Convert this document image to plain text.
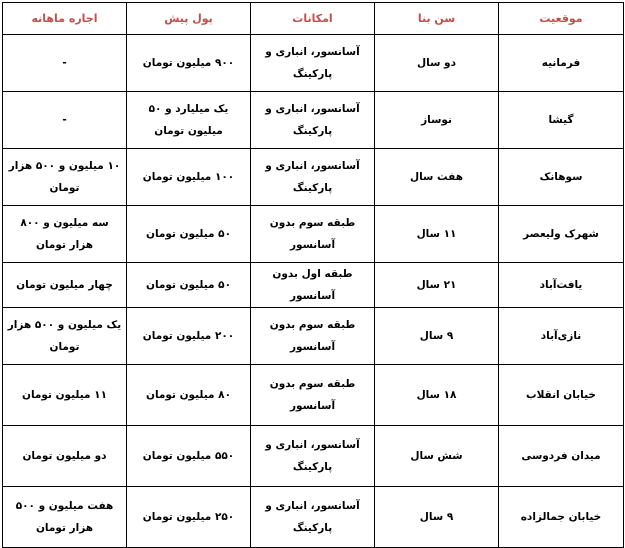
موقعیت	سن بنا	امکانات	پول پیش	اجاره ماهانه
فرمانیه	دو سال	آسانسور، انباری و پارکینگ	۹۰۰ میلیون تومان	-
گیشا	نوساز	آسانسور، انباری و پارکینگ	یک میلیارد و ۵۰ میلیون تومان	-
سوهانک	هفت سال	آسانسور، انباری و پارکینگ	۱۰۰ میلیون تومان	۱۰ میلیون و ۵۰۰ هزار تومان
شهرک ولیعصر	۱۱ سال	طبقه سوم بدون آسانسور	۵۰ میلیون تومان	سه میلیون و ۸۰۰ هزار تومان
یافت‌آباد	۲۱ سال	طبقه اول بدون آسانسور	۵۰ میلیون تومان	چهار میلیون تومان
نازی‌آباد	۹ سال	طبقه سوم بدون آسانسور	۲۰۰ میلیون تومان	یک میلیون و ۵۰۰ هزار تومان
خیابان انقلاب	۱۸ سال	طبقه سوم بدون آسانسور	۸۰ میلیون تومان	۱۱ میلیون تومان
میدان فردوسی	شش سال	آسانسور، انباری و پارکینگ	۵۵۰ میلیون تومان	دو میلیون تومان
خیابان جمالزاده	۹ سال	آسانسور، انباری و پارکینگ	۲۵۰ میلیون تومان	هفت میلیون و ۵۰۰ هزار تومان
